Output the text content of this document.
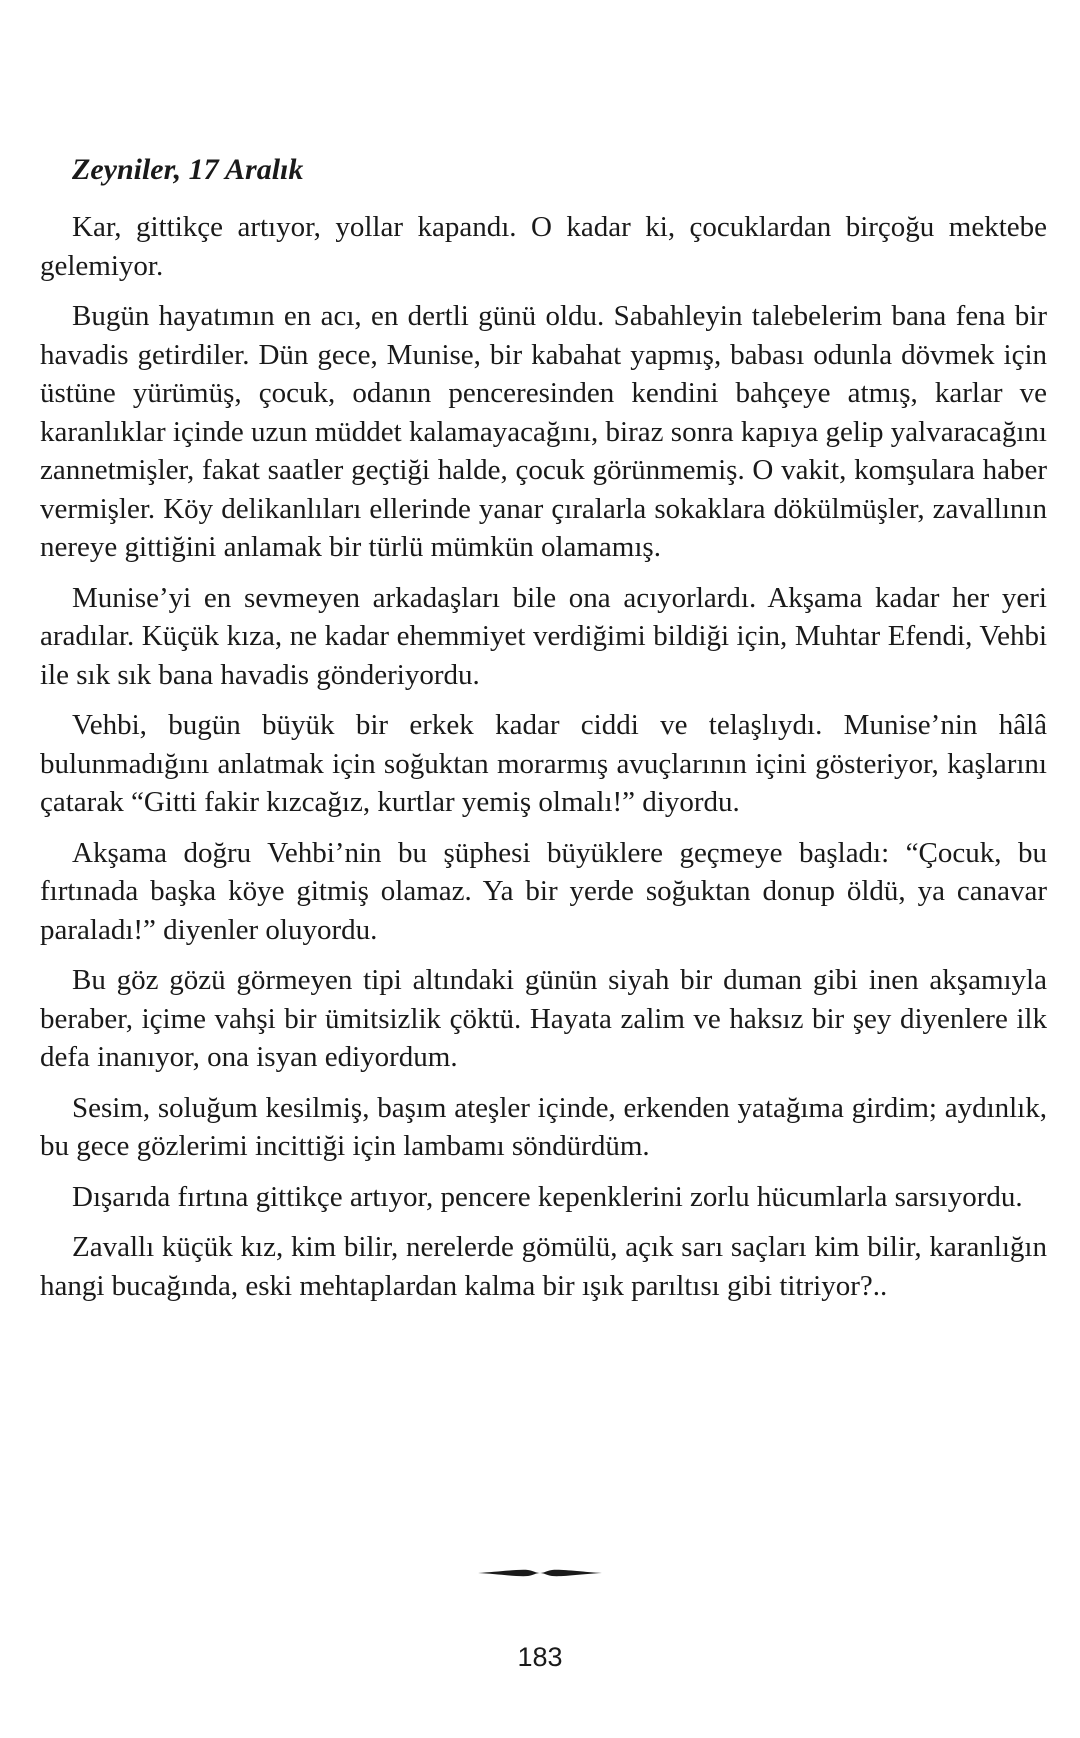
Zeyniler, 17 Aralık

Kar, gittikçe artıyor, yollar kapandı. O kadar ki, çocuklardan birçoğu mektebe gelemiyor.

Bugün hayatımın en acı, en dertli günü oldu. Sabahleyin talebelerim bana fena bir havadis getirdiler. Dün gece, Munise, bir kabahat yapmış, babası odunla dövmek için üstüne yürümüş, çocuk, odanın penceresinden kendini bahçeye atmış, karlar ve karanlıklar içinde uzun müddet kalamayacağını, biraz sonra kapıya gelip yalvaracağını zannetmişler, fakat saatler geçtiği halde, çocuk görünmemiş. O vakit, komşulara haber vermişler. Köy delikanlıları ellerinde yanar çıralarla sokaklara dökülmüşler, zavallının nereye gittiğini anlamak bir türlü mümkün olamamış.

Munise’yi en sevmeyen arkadaşları bile ona acıyorlardı. Akşama kadar her yeri aradılar. Küçük kıza, ne kadar ehemmiyet verdiğimi bildiği için, Muhtar Efendi, Vehbi ile sık sık bana havadis gönderiyordu.

Vehbi, bugün büyük bir erkek kadar ciddi ve telaşlıydı. Munise’nin hâlâ bulunmadığını anlatmak için soğuktan morarmış avuçlarının içini gösteriyor, kaşlarını çatarak “Gitti fakir kızcağız, kurtlar yemiş olmalı!” diyordu.

Akşama doğru Vehbi’nin bu şüphesi büyüklere geçmeye başladı: “Çocuk, bu fırtınada başka köye gitmiş olamaz. Ya bir yerde soğuktan donup öldü, ya canavar paraladı!” diyenler oluyordu.

Bu göz gözü görmeyen tipi altındaki günün siyah bir duman gibi inen akşamıyla beraber, içime vahşi bir ümitsizlik çöktü. Hayata zalim ve haksız bir şey diyenlere ilk defa inanıyor, ona isyan ediyordum.

Sesim, soluğum kesilmiş, başım ateşler içinde, erkenden yatağıma girdim; aydınlık, bu gece gözlerimi incittiği için lambamı söndürdüm.

Dışarıda fırtına gittikçe artıyor, pencere kepenklerini zorlu hücumlarla sarsıyordu.

Zavallı küçük kız, kim bilir, nerelerde gömülü, açık sarı saçları kim bilir, karanlığın hangi bucağında, eski mehtaplardan kalma bir ışık parıltısı gibi titriyor?..

183
